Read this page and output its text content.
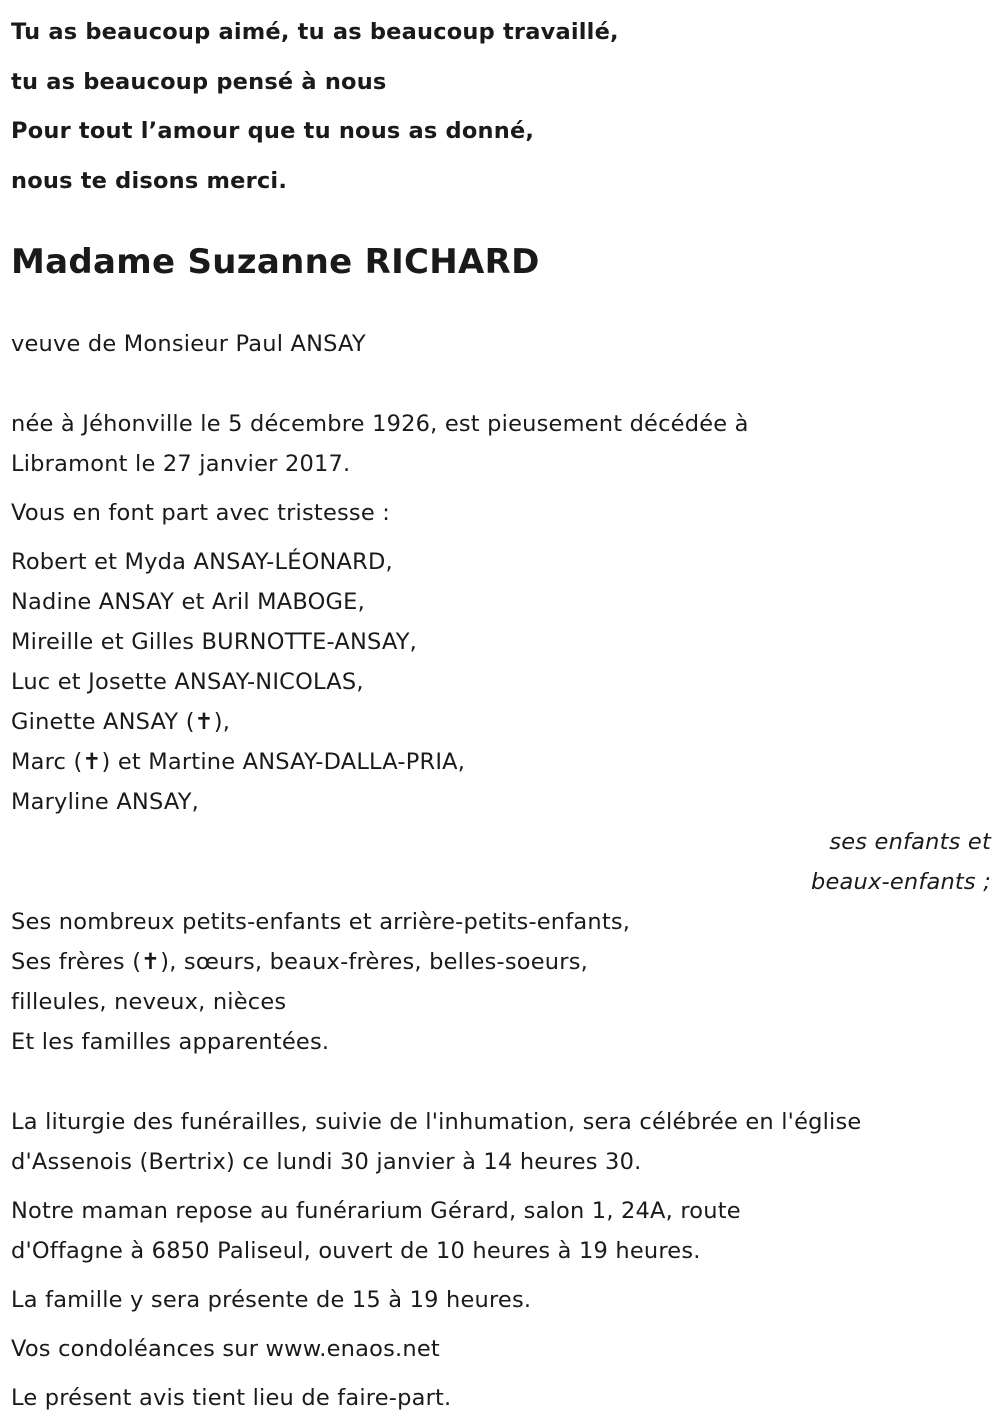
Tu as beaucoup aimé, tu as beaucoup travaillé,
tu as beaucoup pensé à nous
Pour tout l’amour que tu nous as donné,
nous te disons merci.
Madame Suzanne RICHARD
veuve de Monsieur Paul ANSAY
née à Jéhonville le 5 décembre 1926, est pieusement décédée à
Libramont le 27 janvier 2017.
Vous en font part avec tristesse :
Robert et Myda ANSAY-LÉONARD,
Nadine ANSAY et Aril MABOGE,
Mireille et Gilles BURNOTTE-ANSAY,
Luc et Josette ANSAY-NICOLAS,
Ginette ANSAY (✝),
Marc (✝) et Martine ANSAY-DALLA-PRIA,
Maryline ANSAY,
ses enfants et
beaux-enfants ;
Ses nombreux petits-enfants et arrière-petits-enfants,
Ses frères (✝), sœurs, beaux-frères, belles-soeurs,
filleules, neveux, nièces
Et les familles apparentées.
La liturgie des funérailles, suivie de l'inhumation, sera célébrée en l'église
d'Assenois (Bertrix) ce lundi 30 janvier à 14 heures 30.
Notre maman repose au funérarium Gérard, salon 1, 24A, route
d'Offagne à 6850 Paliseul, ouvert de 10 heures à 19 heures.
La famille y sera présente de 15 à 19 heures.
Vos condoléances sur www.enaos.net
Le présent avis tient lieu de faire-part.
